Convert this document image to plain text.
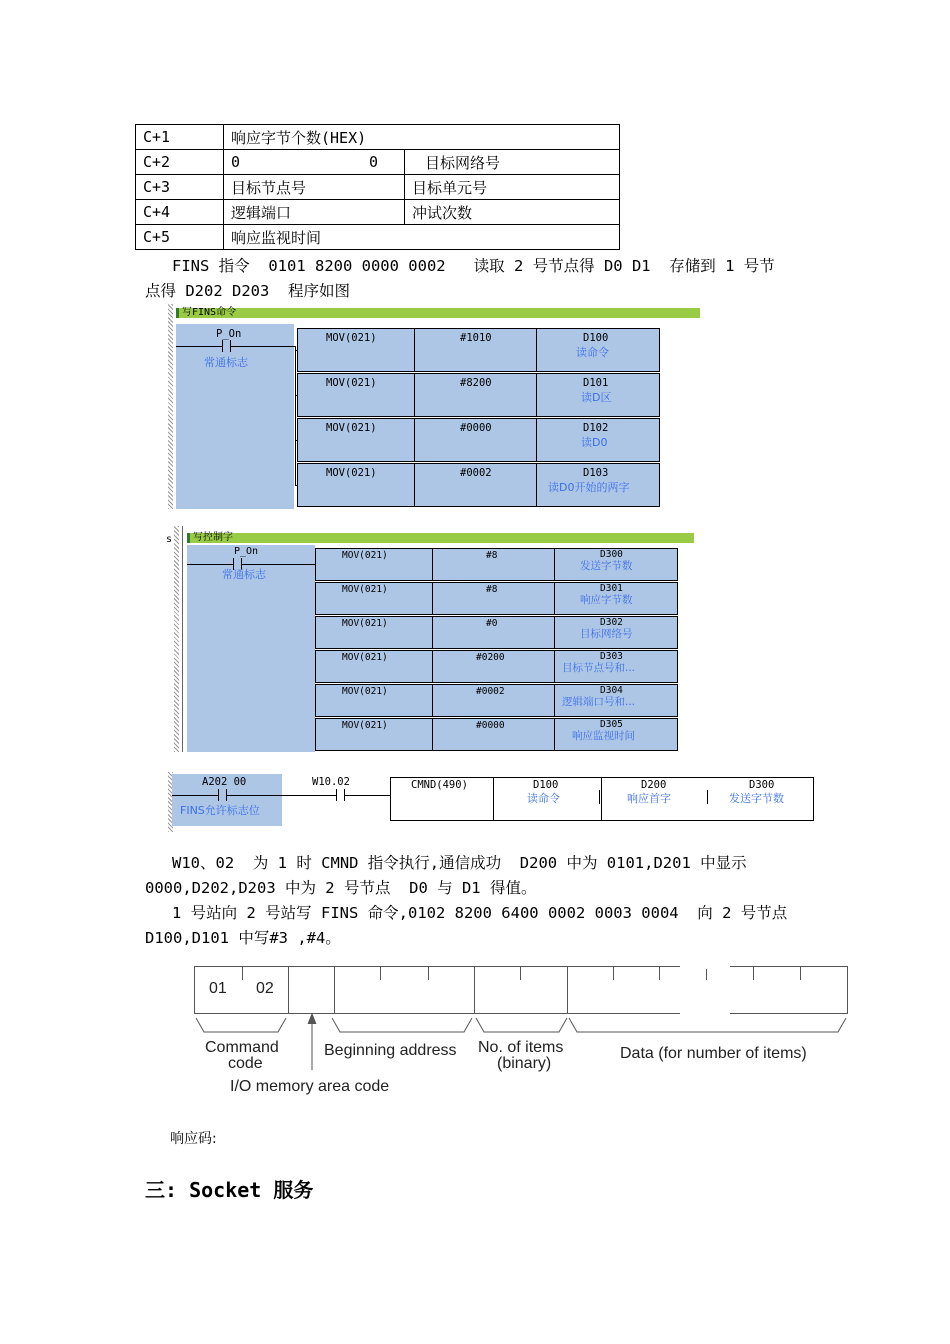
C+1	响应字节个数(HEX)	
C+2	0 0	目标网络号
C+3	目标节点号	目标单元号
C+4	逻辑端口	冲试次数
C+5	响应监视时间	
FINS 指令  0101 8200 0000 0002   读取 2 号节点得 D0 D1  存储到 1 号节
点得 D202 D203  程序如图
写FINS命令
P_On
常通标志
MOV(021)	#1010	D100
读命令
MOV(021)	#8200	D101
读D区
MOV(021)	#0000	D102
读D0
MOV(021)	#0002	D103
读D0开始的两字
s	写控制字
P_On
常通标志
MOV(021)	#8	D300
发送字节数
MOV(021)	#8	D301
响应字节数
MOV(021)	#0	D302
目标网络号
MOV(021)	#0200	D303
目标节点号和...
MOV(021)	#0002	D304
逻辑端口号和...
MOV(021)	#0000	D305
响应监视时间
A202 00
FINS允许标志位
W10.02	CMND(490)	D100
读命令
D200
响应首字
D300
发送字节数
W10、02  为 1 时 CMND 指令执行,通信成功  D200 中为 0101,D201 中显示
0000,D202,D203 中为 2 号节点  D0 与 D1 得值。
1 号站向 2 号站写 FINS 命令,0102 8200 6400 0002 0003 0004  向 2 号节点
D100,D101 中写#3 ,#4。
01 02
Command
code
Beginning address No. of items
(binary)
Data (for number of items)
I/O memory area code
响应码:
三: Socket 服务
